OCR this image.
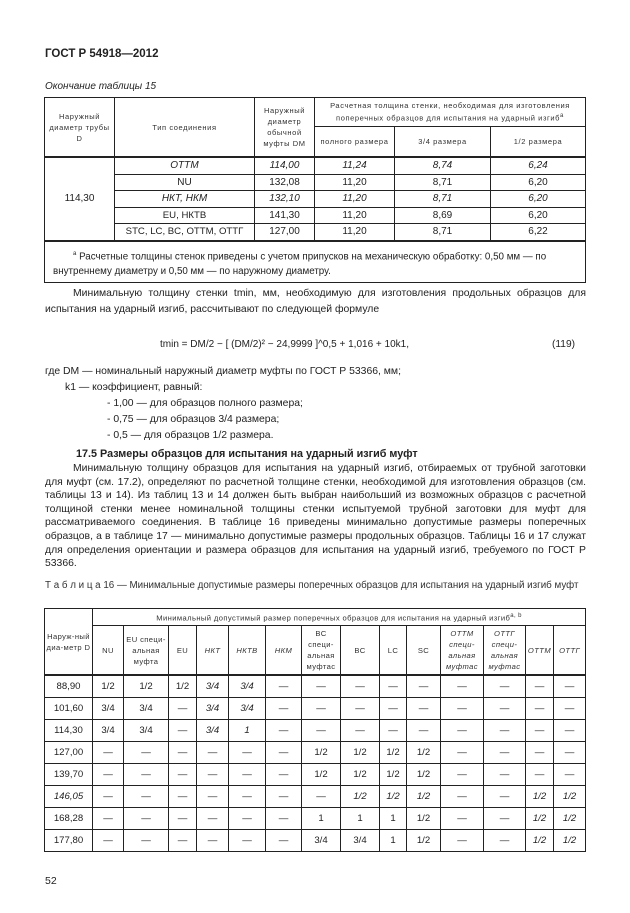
ГОСТ Р 54918—2012
Окончание таблицы 15
Наружный диаметр трубы D	Тип соединения	Наружный диаметр обычной муфты DМ	Расчетная толщина стенки, необходимая для изготовления поперечных образцов для испытания на ударный изгиб$^a$
			полного размера	3/4 размера	1/2 размера
114,30	ОТТМ	114,00	11,24	8,74	6,24
	NU	132,08	11,20	8,71	6,20
	НКТ, НКМ	132,10	11,20	8,71	6,20
	EU, НКТВ	141,30	11,20	8,69	6,20
	STC, LC, BC, ОТТМ, ОТТГ	127,00	11,20	8,71	6,22
$^a$ Расчетные толщины стенок приведены с учетом припусков на механическую обработку: 0,50 мм — по внутреннему диаметру и 0,50 мм — по наружному диаметру.					
Минимальную толщину стенки tmin, мм, необходимую для изготовления продольных образцов для испытания на ударный изгиб, рассчитывают по следующей формуле
tmin = DМ/2 − [ (DМ/2)² − 24,9999 ]^0,5 + 1,016 + 10k1,	(119)
где DМ — номинальный наружный диаметр муфты по ГОСТ Р 53366, мм;
k1 — коэффициент, равный:
- 1,00 — для образцов полного размера;
- 0,75 — для образцов 3/4 размера;
- 0,5 — для образцов 1/2 размера.
17.5 Размеры образцов для испытания на ударный изгиб муфт
Минимальную толщину образцов для испытания на ударный изгиб, отбираемых от трубной заготовки для муфт (см. 17.2), определяют по расчетной толщине стенки, необходимой для изготовления образцов (см. таблицы 13 и 14). Из таблиц 13 и 14 должен быть выбран наибольший из возможных образцов с расчетной толщиной стенки менее номинальной толщины стенки испытуемой трубной заготовки для муфт для рассматриваемого соединения. В таблице 16 приведены минимально допустимые размеры поперечных образцов, а в таблице 17 — минимально допустимые размеры продольных образцов. Таблицы 16 и 17 служат для определения ориентации и размера образцов для испытания на ударный изгиб, требуемого по ГОСТ Р 53366.
Т а б л и ц а 16 — Минимальные допустимые размеры поперечных образцов для испытания на ударный изгиб муфт
Наруж-ный диа-метр D	Минимальный допустимый размер поперечных образцов для испытания на ударный изгиб$^{a, b}$
	NU	EU специ-альная муфта	EU	НКТ	НКТВ	НКМ	BC специ-альная муфтаc	BC	LC	SC	ОТТМ специ-альная муфтаc	ОТТГ специ-альная муфтаc	ОТТМ	ОТТГ
88,90	1/2	1/2	1/2	3/4	3/4	—	—	—	—	—	—	—	—	—
101,60	3/4	3/4	—	3/4	3/4	—	—	—	—	—	—	—	—	—
114,30	3/4	3/4	—	3/4	1	—	—	—	—	—	—	—	—	—
127,00	—	—	—	—	—	—	1/2	1/2	1/2	1/2	—	—	—	—
139,70	—	—	—	—	—	—	1/2	1/2	1/2	1/2	—	—	—	—
146,05	—	—	—	—	—	—	—	1/2	1/2	1/2	—	—	1/2	1/2
168,28	—	—	—	—	—	—	1	1	1	1/2	—	—	1/2	1/2
177,80	—	—	—	—	—	—	3/4	3/4	1	1/2	—	—	1/2	1/2
52
